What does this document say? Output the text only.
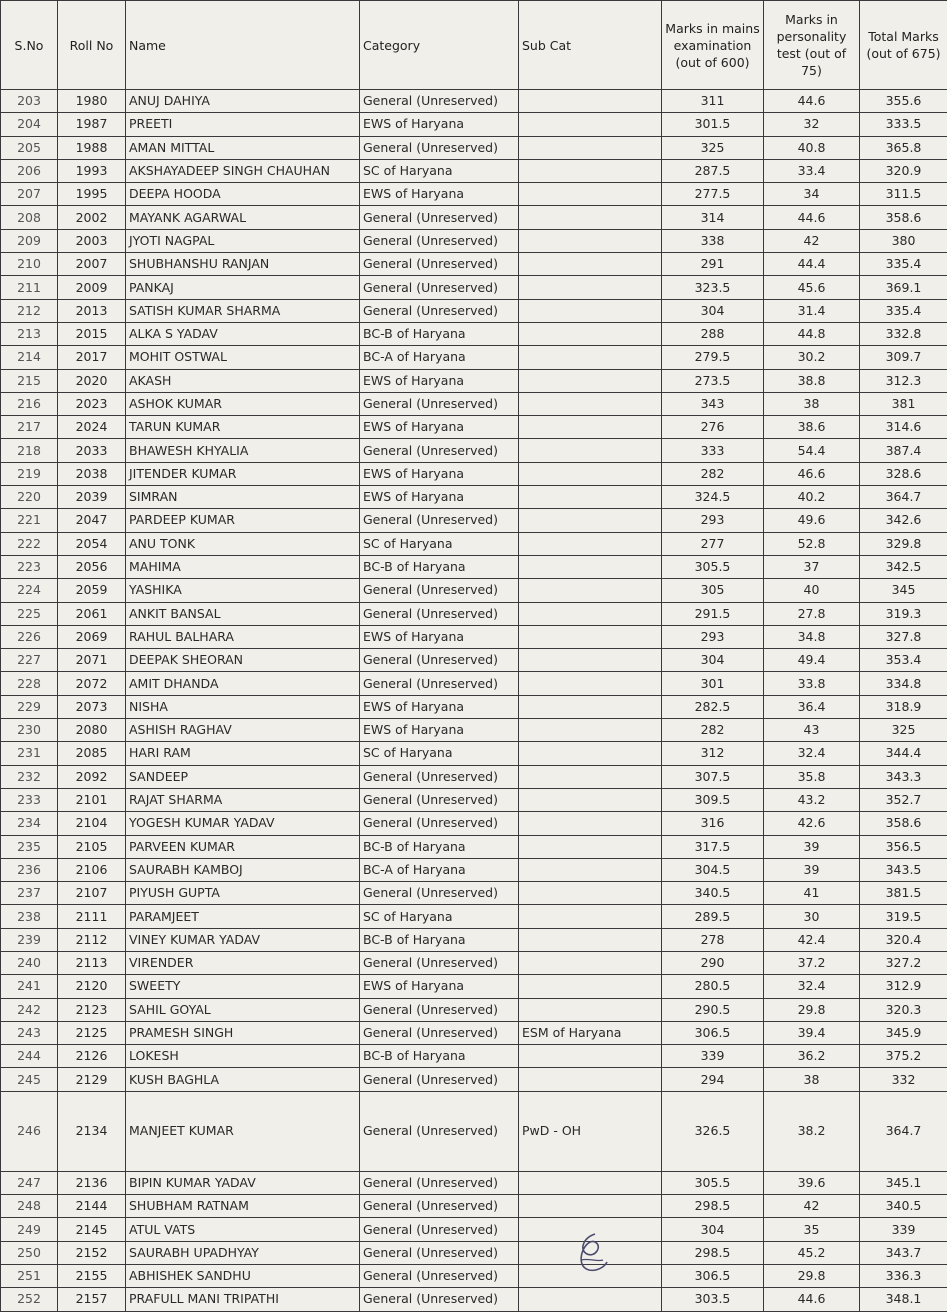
S.No	Roll No	Name	Category	Sub Cat	Marks in mains examination (out of 600)	Marks in personality test (out of 75)	Total Marks (out of 675)
203	1980	ANUJ DAHIYA	General (Unreserved)		311	44.6	355.6
204	1987	PREETI	EWS of Haryana		301.5	32	333.5
205	1988	AMAN MITTAL	General (Unreserved)		325	40.8	365.8
206	1993	AKSHAYADEEP SINGH CHAUHAN	SC of Haryana		287.5	33.4	320.9
207	1995	DEEPA HOODA	EWS of Haryana		277.5	34	311.5
208	2002	MAYANK AGARWAL	General (Unreserved)		314	44.6	358.6
209	2003	JYOTI NAGPAL	General (Unreserved)		338	42	380
210	2007	SHUBHANSHU RANJAN	General (Unreserved)		291	44.4	335.4
211	2009	PANKAJ	General (Unreserved)		323.5	45.6	369.1
212	2013	SATISH KUMAR SHARMA	General (Unreserved)		304	31.4	335.4
213	2015	ALKA S YADAV	BC-B of Haryana		288	44.8	332.8
214	2017	MOHIT OSTWAL	BC-A of Haryana		279.5	30.2	309.7
215	2020	AKASH	EWS of Haryana		273.5	38.8	312.3
216	2023	ASHOK KUMAR	General (Unreserved)		343	38	381
217	2024	TARUN KUMAR	EWS of Haryana		276	38.6	314.6
218	2033	BHAWESH KHYALIA	General (Unreserved)		333	54.4	387.4
219	2038	JITENDER KUMAR	EWS of Haryana		282	46.6	328.6
220	2039	SIMRAN	EWS of Haryana		324.5	40.2	364.7
221	2047	PARDEEP KUMAR	General (Unreserved)		293	49.6	342.6
222	2054	ANU TONK	SC of Haryana		277	52.8	329.8
223	2056	MAHIMA	BC-B of Haryana		305.5	37	342.5
224	2059	YASHIKA	General (Unreserved)		305	40	345
225	2061	ANKIT BANSAL	General (Unreserved)		291.5	27.8	319.3
226	2069	RAHUL BALHARA	EWS of Haryana		293	34.8	327.8
227	2071	DEEPAK SHEORAN	General (Unreserved)		304	49.4	353.4
228	2072	AMIT DHANDA	General (Unreserved)		301	33.8	334.8
229	2073	NISHA	EWS of Haryana		282.5	36.4	318.9
230	2080	ASHISH RAGHAV	EWS of Haryana		282	43	325
231	2085	HARI RAM	SC of Haryana		312	32.4	344.4
232	2092	SANDEEP	General (Unreserved)		307.5	35.8	343.3
233	2101	RAJAT SHARMA	General (Unreserved)		309.5	43.2	352.7
234	2104	YOGESH KUMAR YADAV	General (Unreserved)		316	42.6	358.6
235	2105	PARVEEN KUMAR	BC-B of Haryana		317.5	39	356.5
236	2106	SAURABH KAMBOJ	BC-A of Haryana		304.5	39	343.5
237	2107	PIYUSH GUPTA	General (Unreserved)		340.5	41	381.5
238	2111	PARAMJEET	SC of Haryana		289.5	30	319.5
239	2112	VINEY KUMAR YADAV	BC-B of Haryana		278	42.4	320.4
240	2113	VIRENDER	General (Unreserved)		290	37.2	327.2
241	2120	SWEETY	EWS of Haryana		280.5	32.4	312.9
242	2123	SAHIL GOYAL	General (Unreserved)		290.5	29.8	320.3
243	2125	PRAMESH SINGH	General (Unreserved)	ESM of Haryana	306.5	39.4	345.9
244	2126	LOKESH	BC-B of Haryana		339	36.2	375.2
245	2129	KUSH BAGHLA	General (Unreserved)		294	38	332
246	2134	MANJEET KUMAR	General (Unreserved)	PwD - OH	326.5	38.2	364.7
247	2136	BIPIN KUMAR YADAV	General (Unreserved)		305.5	39.6	345.1
248	2144	SHUBHAM RATNAM	General (Unreserved)		298.5	42	340.5
249	2145	ATUL VATS	General (Unreserved)		304	35	339
250	2152	SAURABH UPADHYAY	General (Unreserved)		298.5	45.2	343.7
251	2155	ABHISHEK SANDHU	General (Unreserved)		306.5	29.8	336.3
252	2157	PRAFULL MANI TRIPATHI	General (Unreserved)		303.5	44.6	348.1
